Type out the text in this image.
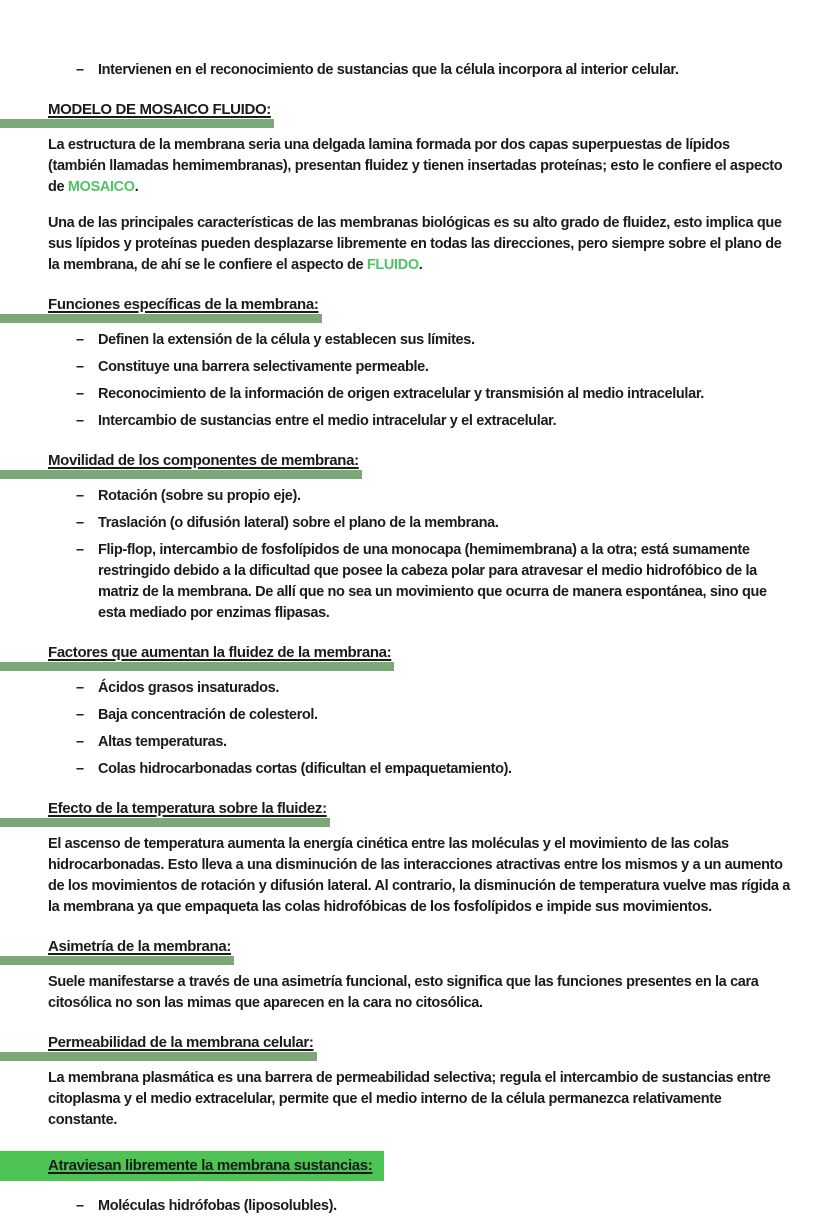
– Intervienen en el reconocimiento de sustancias que la célula incorpora al interior celular.
MODELO DE MOSAICO FLUIDO:

La estructura de la membrana seria una delgada lamina formada por dos capas superpuestas de lípidos (también llamadas hemimembranas), presentan fluidez y tienen insertadas proteínas; esto le confiere el aspecto de MOSAICO.

Una de las principales características de las membranas biológicas es su alto grado de fluidez, esto implica que sus lípidos y proteínas pueden desplazarse libremente en todas las direcciones, pero siempre sobre el plano de la membrana, de ahí se le confiere el aspecto de FLUIDO.

Funciones específicas de la membrana:
– Definen la extensión de la célula y establecen sus límites.
– Constituye una barrera selectivamente permeable.
– Reconocimiento de la información de origen extracelular y transmisión al medio intracelular.
– Intercambio de sustancias entre el medio intracelular y el extracelular.
Movilidad de los componentes de membrana:
– Rotación (sobre su propio eje).
– Traslación (o difusión lateral) sobre el plano de la membrana.
– Flip-flop, intercambio de fosfolípidos de una monocapa (hemimembrana) a la otra; está sumamente restringido debido a la dificultad que posee la cabeza polar para atravesar el medio hidrofóbico de la matriz de la membrana. De allí que no sea un movimiento que ocurra de manera espontánea, sino que esta mediado por enzimas flipasas.
Factores que aumentan la fluidez de la membrana:
– Ácidos grasos insaturados.
– Baja concentración de colesterol.
– Altas temperaturas.
– Colas hidrocarbonadas cortas (dificultan el empaquetamiento).
Efecto de la temperatura sobre la fluidez:

El ascenso de temperatura aumenta la energía cinética entre las moléculas y el movimiento de las colas hidrocarbonadas. Esto lleva a una disminución de las interacciones atractivas entre los mismos y a un aumento de los movimientos de rotación y difusión lateral. Al contrario, la disminución de temperatura vuelve mas rígida a la membrana ya que empaqueta las colas hidrofóbicas de los fosfolípidos e impide sus movimientos.

Asimetría de la membrana:

Suele manifestarse a través de una asimetría funcional, esto significa que las funciones presentes en la cara citosólica no son las mimas que aparecen en la cara no citosólica.

Permeabilidad de la membrana celular:

La membrana plasmática es una barrera de permeabilidad selectiva; regula el intercambio de sustancias entre citoplasma y el medio extracelular, permite que el medio interno de la célula permanezca relativamente constante.

Atraviesan libremente la membrana sustancias:
– Moléculas hidrófobas (liposolubles).
